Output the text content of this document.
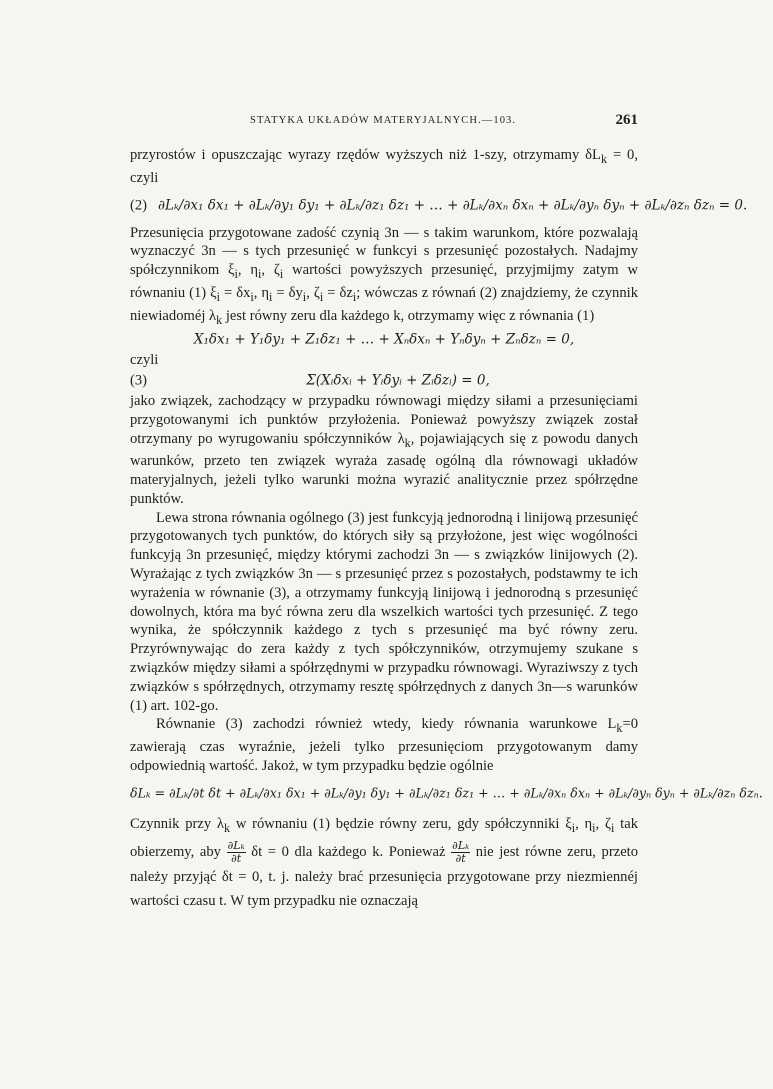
STATYKA UKŁADÓW MATERYJALNYCH.—103.	261

przyrostów i opuszczając wyrazy rzędów wyższych niż 1-szy, otrzymamy $\delta L_k = 0$, czyli

(2) ∂Lₖ/∂x₁ δx₁ + ∂Lₖ/∂y₁ δy₁ + ∂Lₖ/∂z₁ δz₁ + … + ∂Lₖ/∂xₙ δxₙ + ∂Lₖ/∂yₙ δyₙ + ∂Lₖ/∂zₙ δzₙ = 0.

Przesunięcia przygotowane zadość czynią 3n — s takim warunkom, które pozwalają wyznaczyć 3n — s tych przesunięć w funkcyi s przesunięć pozostałych. Nadajmy spółczynnikom $\xi_i$, $\eta_i$, $\zeta_i$ wartości powyższych przesunięć, przyjmijmy zatym w równaniu (1) $\xi_i = \delta x_i$, $\eta_i = \delta y_i$, $\zeta_i = \delta z_i$; wówczas z równań (2) znajdziemy, że czynnik niewiadoméj $\lambda_k$ jest równy zeru dla każdego k, otrzymamy więc z równania (1)

X₁δx₁ + Y₁δy₁ + Z₁δz₁ + … + Xₙδxₙ + Yₙδyₙ + Zₙδzₙ = 0,

czyli

(3)	Σ(Xᵢδxᵢ + Yᵢδyᵢ + Zᵢδzᵢ) = 0,

jako związek, zachodzący w przypadku równowagi między siłami a przesunięciami przygotowanymi ich punktów przyłożenia. Ponieważ powyższy związek został otrzymany po wyrugowaniu spółczynników $\lambda_k$, pojawiających się z powodu danych warunków, przeto ten związek wyraża zasadę ogólną dla równowagi układów materyjalnych, jeżeli tylko warunki można wyrazić analitycznie przez spółrzędne punktów.

Lewa strona równania ogólnego (3) jest funkcyją jednorodną i linijową przesunięć przygotowanych tych punktów, do których siły są przyłożone, jest więc wogólności funkcyją 3n przesunięć, między którymi zachodzi 3n — s związków linijowych (2). Wyrażając z tych związków 3n — s przesunięć przez s pozostałych, podstawmy te ich wyrażenia w równanie (3), a otrzymamy funkcyją linijową i jednorodną s przesunięć dowolnych, która ma być równa zeru dla wszelkich wartości tych przesunięć. Z tego wynika, że spółczynnik każdego z tych s przesunięć ma być równy zeru. Przyrównywając do zera każdy z tych spółczynników, otrzymujemy szukane s związków między siłami a spółrzędnymi w przypadku równowagi. Wyraziwszy z tych związków s spółrzędnych, otrzymamy resztę spółrzędnych z danych 3n—s warunków (1) art. 102-go.

Równanie (3) zachodzi również wtedy, kiedy równania warunkowe $L_k=0$ zawierają czas wyraźnie, jeżeli tylko przesunięciom przygotowanym damy odpowiednią wartość. Jakoż, w tym przypadku będzie ogólnie

δLₖ = ∂Lₖ/∂t δt + ∂Lₖ/∂x₁ δx₁ + ∂Lₖ/∂y₁ δy₁ + ∂Lₖ/∂z₁ δz₁ + … + ∂Lₖ/∂xₙ δxₙ + ∂Lₖ/∂yₙ δyₙ + ∂Lₖ/∂zₙ δzₙ.

Czynnik przy $\lambda_k$ w równaniu (1) będzie równy zeru, gdy spółczynniki $\xi_i$, $\eta_i$, $\zeta_i$ tak obierzemy, aby $\frac{\text{∂Lₖ}}{\partial t}$ δt = 0 dla każdego k. Ponieważ $\frac{\text{∂Lₖ}}{\partial t}$ nie jest równe zeru, przeto należy przyjąć δt = 0, t. j. należy brać przesunięcia przygotowane przy niezmiennéj wartości czasu t. W tym przypadku nie oznaczają
